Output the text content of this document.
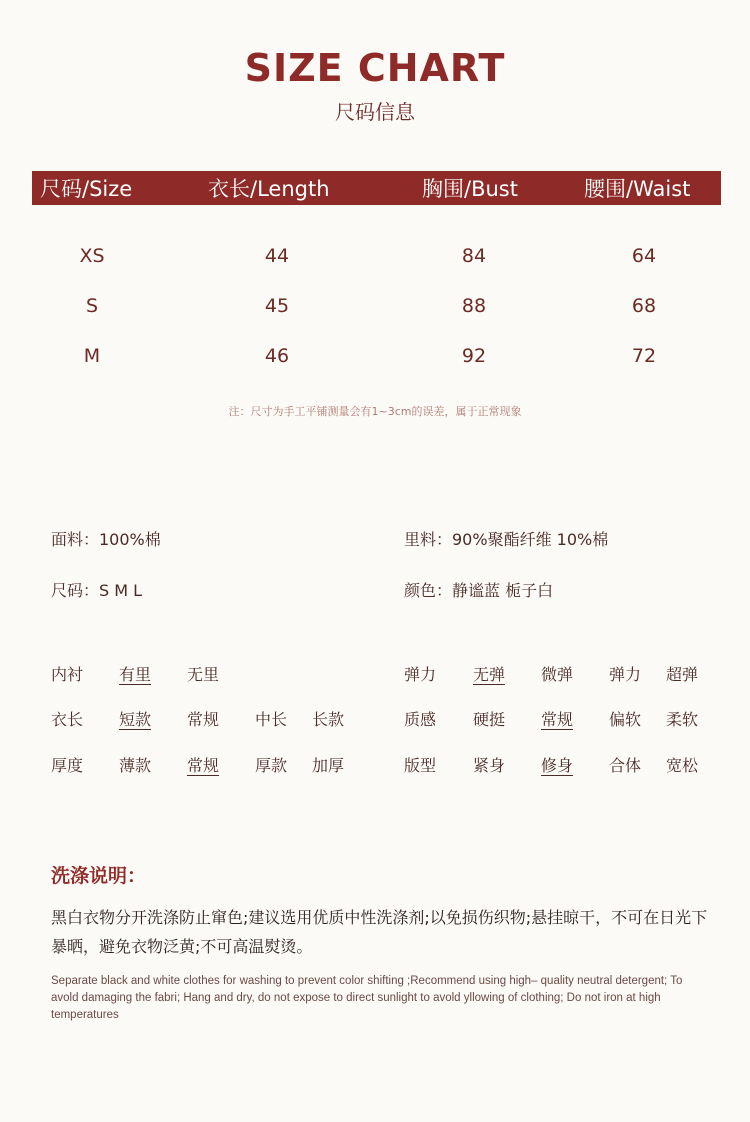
SIZE CHART
尺码信息
尺码/Size	衣长/Length	胸围/Bust	腰围/Waist
XS	44	84	64
S	45	88	68
M	46	92	72
注：尺寸为手工平铺测量会有1~3cm的误差，属于正常现象
面料：100%棉	里料：90%聚酯纤维 10%棉
尺码：S M L	颜色：静谧蓝 栀子白
内衬 有里 无里
衣长 短款 常规 中长 长款
厚度 薄款 常规 厚款 加厚
弹力 无弹 微弹 弹力 超弹
质感 硬挺 常规 偏软 柔软
版型 紧身 修身 合体 宽松
洗涤说明：
黑白衣物分开洗涤防止窜色;建议选用优质中性洗涤剂;以免损伤织物;悬挂晾干，不可在日光下暴晒，避免衣物泛黄;不可高温熨烫。
Separate black and white clothes for washing to prevent color shifting ;Recommend using high– quality neutral detergent; To avold damaging the fabri; Hang and dry, do not expose to direct sunlight to avold yllowing of clothing; Do not iron at high temperatures
